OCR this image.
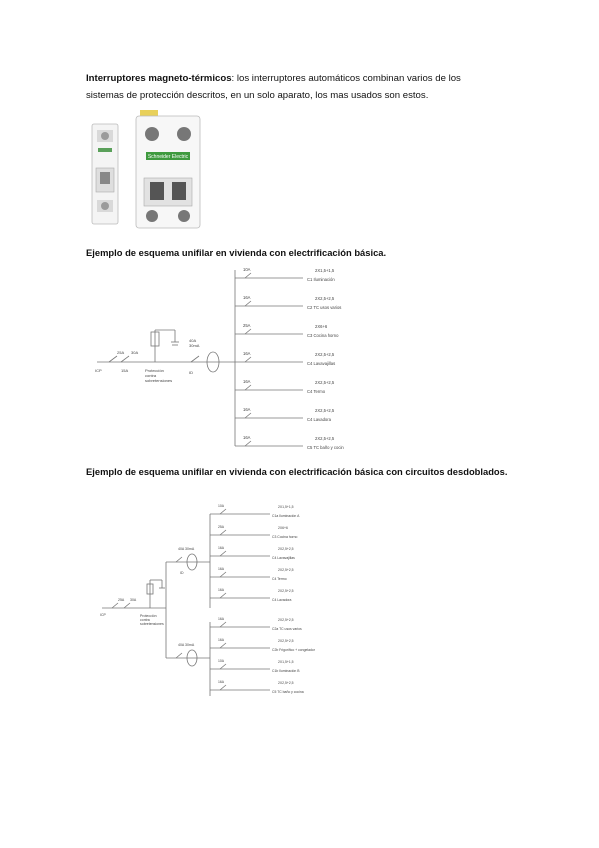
Interruptores magneto-térmicos: los interruptores automáticos combinan varios de los
sistemas de protección descritos, en un solo aparato, los mas usados son estos.
Schneider Electric
Ejemplo de esquema unifilar en vivienda con electrificación básica.
10A	2X1,5+1,5
C1 Iluminación
16A	2X2,5+2,5
C2 TC usos varios
25A	2X6+6
C3 Cocina horno
16A	2X2,5+2,5
C4 Lavavajillas
16A	2X2,5+2,5
C4 Termo
16A	2X2,5+2,5
C4 Lavadora
16A	2X2,5+2,5
C5 TC baño y cocin
ICP
25A 30A
15A	Protección
contra
sobretensiones
40A
30mA
ID
Ejemplo de esquema unifilar en vivienda con electrificación básica con circuitos desdoblados.
10A	2X1,5+1,5
C1a Iluminación A
25A	2X6+6
C3 Cocina horno
16A	2X2,5+2,5
C4 Lavavajillas
16A	2X2,5+2,5
C4 Termo
16A	2X2,5+2,5
C4 Lavadora
16A	2X2,5+2,5
C2a TC usos varios
16A	2X2,5+2,5
C2b Frigorífico + congelador
10A	2X1,5+1,5
C1b Iluminación B
16A	2X2,5+2,5
C5 TC baño y cocina
ICP
25A 30A
Protección
contra
sobretensiones
40A 30mA
40A 30mA
ID
